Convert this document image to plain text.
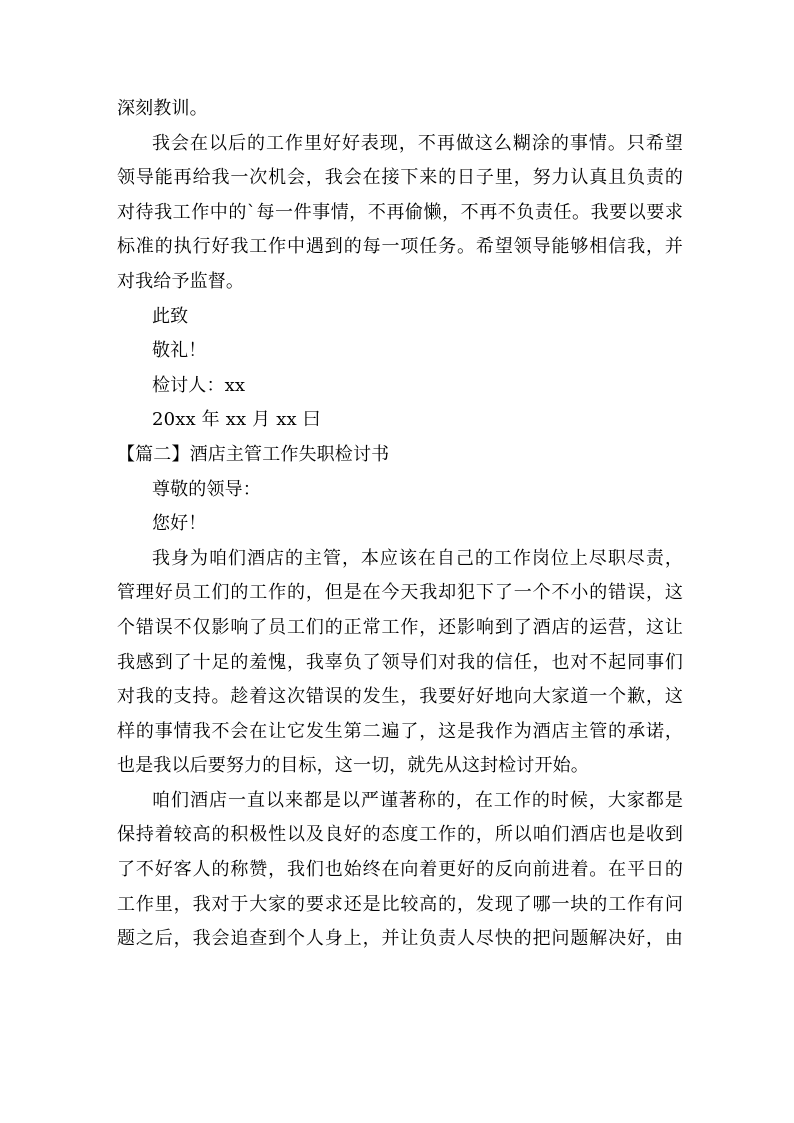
深刻教训。
我会在以后的工作里好好表现，不再做这么糊涂的事情。只希望
领导能再给我一次机会，我会在接下来的日子里，努力认真且负责的
对待我工作中的`每一件事情，不再偷懒，不再不负责任。我要以要求
标准的执行好我工作中遇到的每一项任务。希望领导能够相信我，并
对我给予监督。
此致
敬礼！
检讨人：xx
20xx 年 xx 月 xx 曰
【篇二】酒店主管工作失职检讨书
尊敬的领导：
您好！
我身为咱们酒店的主管，本应该在自己的工作岗位上尽职尽责，
管理好员工们的工作的，但是在今天我却犯下了一个不小的错误，这
个错误不仅影响了员工们的正常工作，还影响到了酒店的运营，这让
我感到了十足的羞愧，我辜负了领导们对我的信任，也对不起同事们
对我的支持。趁着这次错误的发生，我要好好地向大家道一个歉，这
样的事情我不会在让它发生第二遍了，这是我作为酒店主管的承诺，
也是我以后要努力的目标，这一切，就先从这封检讨开始。
咱们酒店一直以来都是以严谨著称的，在工作的时候，大家都是
保持着较高的积极性以及良好的态度工作的，所以咱们酒店也是收到
了不好客人的称赞，我们也始终在向着更好的反向前进着。在平日的
工作里，我对于大家的要求还是比较高的，发现了哪一块的工作有问
题之后，我会追查到个人身上，并让负责人尽快的把问题解决好，由
